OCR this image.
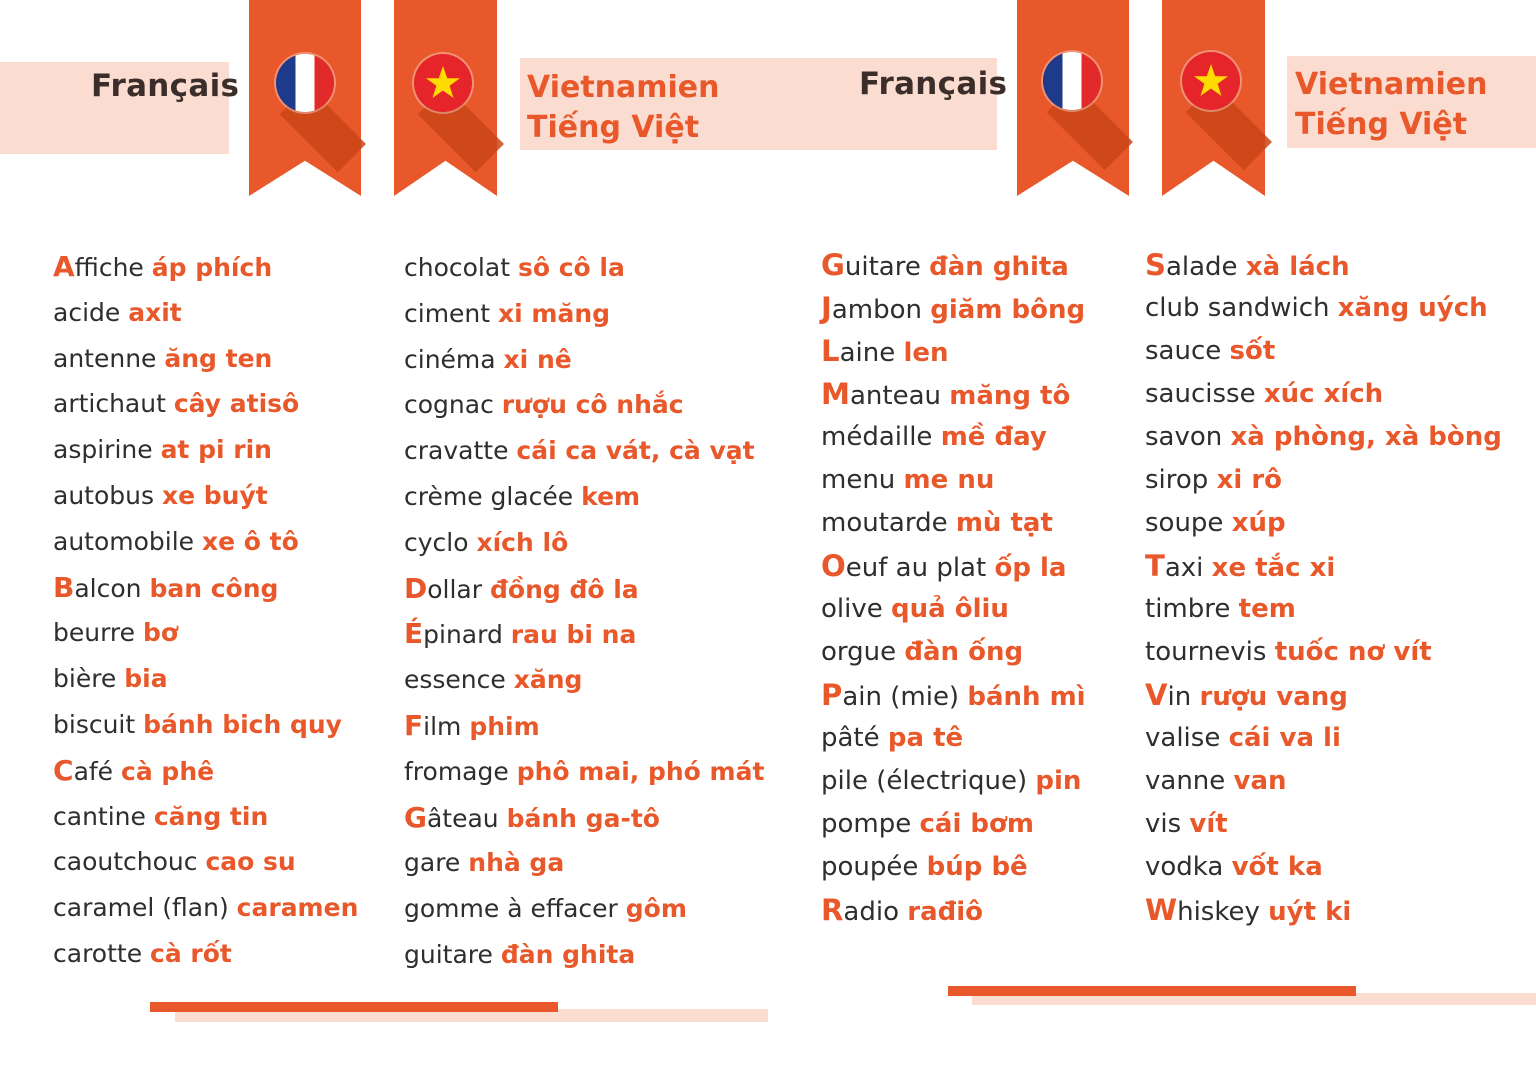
Français	Vietnamien
Tiếng Việt
Français	Vietnamien
Tiếng Việt
Affiche áp phích
acide axit
antenne ăng ten
artichaut cây atisô
aspirine at pi rin
autobus xe buýt
automobile xe ô tô
Balcon ban công
beurre bơ
bière bia
biscuit bánh bich quy
Café cà phê
cantine căng tin
caoutchouc cao su
caramel (flan) caramen
carotte cà rốt
chocolat sô cô la
ciment xi măng
cinéma xi nê
cognac rượu cô nhắc
cravatte cái ca vát, cà vạt
crème glacée kem
cyclo xích lô
Dollar đồng đô la
Épinard rau bi na
essence xăng
Film phim
fromage phô mai, phó mát
Gâteau bánh ga-tô
gare nhà ga
gomme à effacer gôm
guitare đàn ghita
Guitare đàn ghita
Jambon giăm bông
Laine len
Manteau măng tô
médaille mề đay
menu me nu
moutarde mù tạt
Oeuf au plat ốp la
olive quả ôliu
orgue đàn ống
Pain (mie) bánh mì
pâté pa tê
pile (électrique) pin
pompe cái bơm
poupée búp bê
Radio rađiô
Salade xà lách
club sandwich xăng uých
sauce sốt
saucisse xúc xích
savon xà phòng, xà bòng
sirop xi rô
soupe xúp
Taxi xe tắc xi
timbre tem
tournevis tuốc nơ vít
Vin rượu vang
valise cái va li
vanne van
vis vít
vodka vốt ka
Whiskey uýt ki
